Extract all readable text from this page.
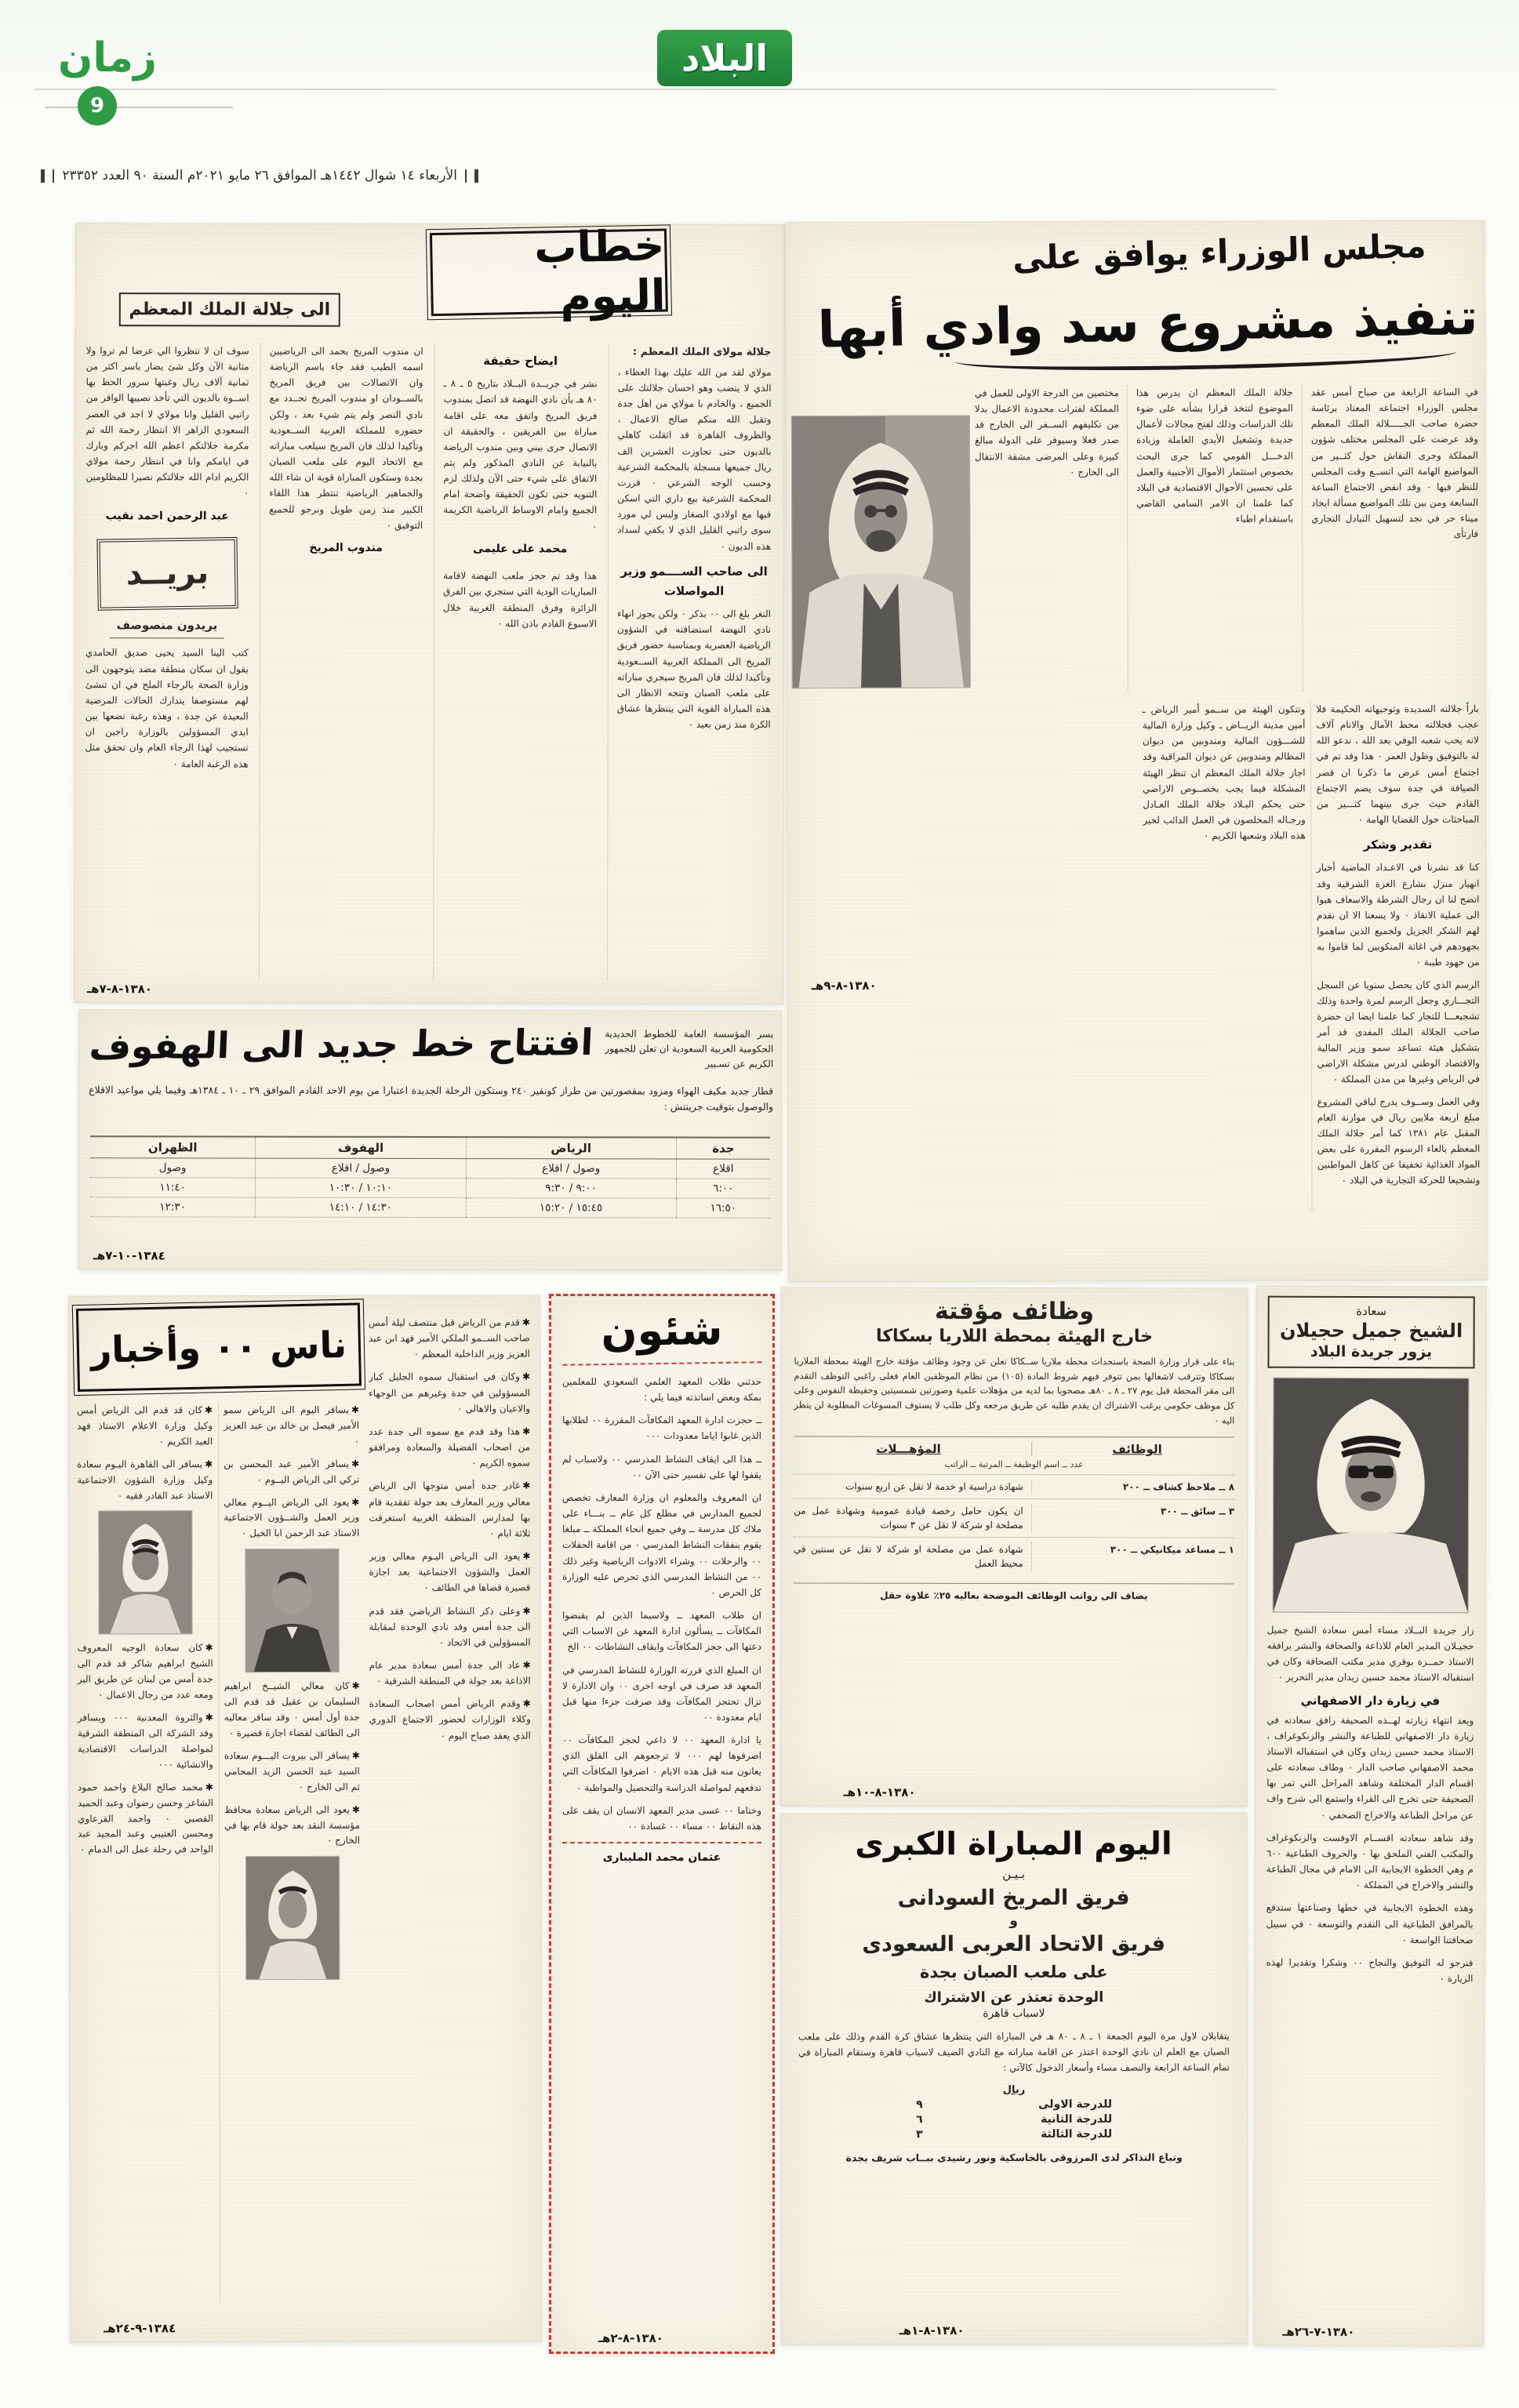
زمان
9
البلاد
الأربعاء ١٤ شوال ١٤٤٢هـ الموافق ٢٦ مايو ٢٠٢١م السنة ٩٠ العدد ٢٣٣٥٢
خطاب اليوم
الى جلالة الملك المعظم
جلالة مولاى الملك المعظم :

مولاي لقد من الله عليك بهذا العطاء ، الذي لا ينضب وهو احسان جلالتك على الجميع ، والخادم با مولاي من اهل جدة وتقبل الله منكم صالح الاعمال ، والظروف القاهرة قد اثقلت كاهلي بالديون حتى تجاوزت العشرين الف ريال جميعها مسجلة بالمحكمة الشرعية وحسب الوجه الشرعي ٠ قررت المحكمة الشرعية بيع داري التي اسكن فيها مع اولادي الصغار وليس لي مورد سوى راتبي القليل الذي لا يكفي لسداد هذه الديون ٠

الى صاحب الســــمو وزير المواصلات

النغر بلغ الى ٠٠ بذكر ٠ ولكن يجوز انهاء نادي النهضة استضافته في الشؤون الرياضية العصرية وبمناسبة حضور فريق المريخ الى المملكة العربية الســعودية وتأكيدا لذلك فان المريخ سيجري مباراته على ملعب الصبان وتتجه الانظار الى هذه المباراة القوية التي ينتظرها عشاق الكرة منذ زمن بعيد ٠

ايضاح حقيقة

نشر في جريــدة البــلاد بتاريخ ٥ ـ ٨ ـ ٨٠ هـ بأن نادي النهضة قد اتصل بمندوب فريق المريخ واتفق معه على اقامة مباراة بين الفريقين ، والحقيقة ان الاتصال جرى بيني وبين مندوب الرياضة بالنيابة عن النادي المذكور ولم يتم الاتفاق على شيء حتى الآن ولذلك لزم التنويه حتى تكون الحقيقة واضحة امام الجميع وامام الاوساط الرياضية الكريمة ٠

محمد على عليمى

هذا وقد تم حجز ملعب النهضة لاقامة المباريات الودية التي ستجري بين الفرق الزائرة وفرق المنطقة الغربية خلال الاسبوع القادم باذن الله ٠

ان مندوب المريخ يحمد الى الرياضيين اسمه الطيب فقد جاء باسم الرياضة وان الاتصالات بين فريق المريخ بالســودان او مندوب المريخ تجــدد مع نادي النصر ولم يتم شيء بعد ، ولكن حضوره للمملكة العربية الســعودية وتأكيدا لذلك فان المريخ سيلعب مباراته مع الاتحاد اليوم على ملعب الصبان بجدة وستكون المباراة قوية ان شاء الله والجماهير الرياضية تنتظر هذا اللقاء الكبير منذ زمن طويل ونرجو للجميع التوفيق ٠

مندوب المريخ

سوف ان لا تنظروا الي عرضا لم تروا ولا مثانية الآن وكل شئ يضار باسر اكثر من ثمانية آلاف ريال وغبتها سرور الحظ بها اســوة بالديون التي تأخذ نصيبها الوافر من راتبي القليل وانا مولاي لا اجد في العصر السعودي الزاهر الا انتظار رحمة الله ثم مكرمة جلالتكم اعظم الله اجركم وبارك في ايامكم وانا في انتظار رحمة مولاي الكريم ادام الله جلالتكم نصيرا للمظلومين ٠

عبد الرحمن احمد نقيب
بريــد
يريدون منصوصف

كتب الينا السيد يحيى صديق الحامدي يقول ان سكان منطقة مضد يتوجهون الى وزارة الصحة بالرجاء الملح في ان تنشئ لهم مستوصفا يتدارك الحالات المرضية البعيدة عن جدة ، وهذه رغبة نضعها بين ايدي المسؤولين بالوزارة راجين ان تستجيب لهذا الرجاء العام وان تحقق مثل هذه الرغبة العامة ٠

١٣٨٠-٨-٧هـ
مجلس الوزراء يوافق على
تنفيذ مشروع سد وادي أبها

في الساعة الرابعة من صباح أمس عقد مجلس الوزراء اجتماعه المعتاد برئاسة حضرة صاحب الجـــــلالة الملك المعظم وقد عرضت على المجلس مختلف شؤون المملكة وجرى النقاش حول كثــير من المواضيع الهامة التي اتســع وقت المجلس للنظر فيها ٠ وقد انفض الاجتماع الساعة السابعة ومن بين تلك المواضيع مسألة ايجاد ميناء حر في نجد لتسهيل التبادل التجاري فارتأى

جلالة الملك المعظم ان يدرس هذا الموضوع لتتخذ قرارا بشأنه على ضوء تلك الدراسات وذلك لفتح مجالات لأعمال جديدة وتشغيل الأيدي العاملة وزيادة الدخـــل القومي كما جرى البحث بخصوص استثمار الأموال الأجنبية والعمل على تحسين الأحوال الاقتصادية في البلاد كما علمنا ان الامر السامي القاضي باستقدام اطباء

مختصين من الدرجة الاولى للعمل في المملكة لفترات محدودة الاعمال بدلا من تكليفهم الســفر الى الخارج قد صدر فعلا وسيوفر على الدولة مبالغ كبيرة وعلى المرضى مشقة الانتقال الى الخارج ٠

باراً جلالته السديدة وتوجيهاته الحكيمة فلا عجب فجلالته محط الآمال والانام آلاف لانه يحب شعبه الوفي بعد الله ، ندعو الله له بالتوفيق وطول العمر ٠ هذا وقد تم في اجتماع أمس عرض ما ذكرنا ان قصر الضيافة في جدة سوف يضم الاجتماع القادم حيث جرى بينهما كثـــير من المباحثات حول القضايا الهامة ٠

تقدير وشكر

كنا قد نشرنا في الاعـداد الماضية أخبار انهيار منزل بشارع الغزة الشرقية وقد اتضح لنا ان رجال الشرطة والاسعاف هبوا الى عملية الانقاذ ٠ ولا يسعنا الا ان نقدم لهم الشكر الجزيل ولجميع الذين ساهموا بجهودهم في اغاثة المنكوبين لما قاموا به من جهود طيبة ٠

الرسم الذي كان يحصل سنويا عن السجل التجـــاري وجعل الرسم لمرة واحدة وذلك تشجيعـــا للتجار كما علمنا ايضا ان حضرة صاحب الجلالة الملك المفدى قد أمر بتشكيل هيئة تساعد سمو وزير المالية والاقتصاد الوطني لدرس مشكلة الاراضي في الرياض وغيرها من مدن المملكة ٠

وفي العمل وســوف يدرج لباقي المشروع مبلغ اربعة ملايين ريال في موازنة العام المقبل عام ١٣٨١ كما أمر جلالة الملك المعظم بالغاء الرسوم المقررة على بعض المواد الغذائية تخفيفا عن كاهل المواطنين وتشجيعا للحركة التجارية في البلاد ٠

وتتكون الهيئة من ســمو أمير الرياض ـ أمين مدينة الريــاض ـ وكيل وزارة المالية للشـــؤون المالية ومندوبين من ديوان المظالم ومندوبين عن ديوان المراقبة وقد اجاز جلالة الملك المعظم ان تنظر الهيئة المشكلة فيما يجب بخصــوص الاراضي حتى يحكم البـلاد جلالة الملك العـادل ورجـاله المخلصون في العمل الدائب لخير هذه البلاد وشعبها الكريم ٠

١٣٨٠-٨-٩هـ
افتتاح خط جديد الى الهفوف يسر المؤسسة العامة للخطوط الحديدية الحكومية العربية السعودية ان تعلن للجمهور الكريم عن تسـيير
قطار جديد مكيف الهواء ومزود بمقصورتين من طراز كونفير ٢٤٠ وستكون الرحلة الجديدة اعتبارا من يوم الاحد القادم الموافق ٢٩ ـ ١٠ ـ ١٣٨٤هـ وفيما يلي مواعيد الاقلاع والوصول بتوقيت جرينتش :
جدة	الرياض	الهفوف	الظهران
اقلاع	وصول / اقلاع	وصول / اقلاع	وصول
٦:٠٠	٩:٠٠ / ٩:٣٠	١٠:١٠ / ١٠:٣٠	١١:٤٠
١٦:٥٠	١٥:٤٥ / ١٥:٢٠	١٤:٣٠ / ١٤:١٠	١٢:٣٠
١٣٨٤-١٠-٧هـ
ناس ٠٠ وأخبار
✱قدم من الرياض قبل منتصف ليلة أمس صاحب الســمو الملكي الأمير فهد ابن عبد العزيز وزير الداخلية المعظم ٠
✱وكان في استقبال سموه الجليل كبار المسؤولين في جدة وغيرهم من الوجهاء والاعيان والاهالي ٠
✱هذا وقد قدم مع سموه الى جدة عدد من اصحاب الفضيلة والسعادة ومرافقو سموه الكريم ٠
✱غادر جدة أمس متوجها الى الرياض معالي وزير المعارف بعد جولة تفقدية قام بها لمدارس المنطقة الغربية استغرقت ثلاثة ايام ٠
✱يعود الى الرياض اليـوم معالي وزير العمل والشؤون الاجتماعية بعد اجازة قصيرة قضاها في الطائف ٠
✱وعلى ذكر النشاط الرياضي فقد قدم الى جدة أمس وفد نادي الوحدة لمقابلة المسؤولين في الاتحاد ٠
✱عاد الى جدة أمس سعادة مدير عام الاذاعة بعد جولة في المنطقة الشرقية ٠
✱وقدم الرياض أمس اصحاب السعادة وكلاء الوزارات لحضور الاجتماع الدوري الذي يعقد صباح اليوم ٠
✱يسافر اليوم الى الرياض سمو الأمير فيصل بن خالد بن عبد العزيز ٠
✱يسافر الأمير عبد المحسن بن تركي الى الرياض اليــوم ٠
✱يعود الى الرياض اليــوم معالي وزير العمل والشــؤون الاجتماعية الاستاذ عبد الرحمن ابا الخيل ٠
✱كان معالي الشيــخ ابراهيم السليمان بن عقيل قد قدم الى جدة أول أمس ٠ وقد سافر معاليه الى الطائف لقضاء اجازة قصيرة ٠
✱يسافر الى بيروت اليـــوم سعادة السيد عبد الحسن الزيد المحامي ثم الى الخارج ٠
✱يعود الى الرياض سعادة محافظ مؤسسة النقد بعد جولة قام بها في الخارج ٠
✱كان قد قدم الى الرياض أمس وكيل وزارة الاعلام الاستاذ فهد العبد الكريم ٠
✱يسافر الى القاهرة اليـوم سعادة وكيل وزارة الشؤون الاجتماعية الاستاذ عبد القادر فقيه ٠
✱كان سعادة الوجيه المعروف الشيخ ابراهيم شاكر قد قدم الى جدة أمس من لبنان عن طريق البر ومعه عدد من رجال الاعمال ٠
✱والثروة المعدنية ٠٠٠ ويسافر وفد الشركة الى المنطقة الشرقية لمواصلة الدراسات الاقتصادية والانشائية ٠٠٠
✱محمد صالح البلاغ واحمد حمود الشاعر وحسن رضوان وعبد الحميد القصبي ٠ واحمد القرعاوي ومحسن العتيبي وعبد المجيد عبد الواحد في رحلة عمل الى الدمام ٠
١٣٨٤-٩-٢٤هـ
شئون

حدثني طلاب المعهد العلمي السعودي للمعلمين بمكة وبعض اساتذته فيما يلي :

ــ حجزت ادارة المعهد المكافآت المقررة ٠٠ لطلابها الذين غابوا اياما معدودات ٠٠٠

ــ هذا الى ايقاف النشاط المدرسي ٠٠ ولاسباب لم يقفوا لها على تفسير حتى الآن ٠٠

ان المعروف والمعلوم ان وزارة المعارف تخصص لجميع المدارس في مطلع كل عام ــ بنـــاء على ملاك كل مدرسة ــ وفي جميع انحاء المملكة ــ مبلغا يقوم بنفقات النشاط المدرسي ٠ من اقامة الحفلات ٠٠ والرحلات ٠٠ وشراء الادوات الرياضية وغير ذلك ٠٠ من النشاط المدرسي الذي تحرص عليه الوزارة كل الحرص ٠

ان طلاب المعهد ــ ولاسيما الذين لم يقبضوا المكافآت ــ يسألون ادارة المعهد عن الاسباب التي دعتها الى حجز المكافآت وايقاف النشاطات ٠٠ الخ

ان المبلغ الذي قررته الوزارة للنشاط المدرسي في المعهد قد صرف في اوجه اخرى ٠٠ وان الادارة لا تزال تحتجز المكافآت وقد صرفت جزءا منها قبل ايام معدودة ٠٠

يا ادارة المعهد ٠٠ لا داعي لحجز المكافآت ٠٠ اصرفوها لهم ٠٠٠ لا ترجعوهم الى القلق الذي يعانون منه قبل هذه الايام ٠ اصرفوا المكافآت التي تدفعهم لمواصلة الدراسة والتحصيل والمواظبة ٠

وختاما ٠٠ عسى مدير المعهد الانسان ان يقف على هذه النقاط ٠٠ مساء ٠٠ غسادة ٠٠

عثمان محمد المليبارى
١٣٨٠-٨-٢هـ
وظائف مؤقتة
خارج الهيئة بمحطة اللاريا بسكاكا
بناء على قرار وزارة الصحة باستحداث محطة ملاريا ســكاكا تعلن عن وجود وظائف مؤقتة خارج الهيئة بمحطة الملاريا بسكاكا وتترقب لاشغالها بمن تتوفر فيهم شروط المادة (١٠٥) من نظام الموظفين العام فعلى راغبي التوظف التقدم الى مقر المحطة قبل يوم ٢٧ ـ ٨ ـ ٨٠هـ مصحوبا بما لديه من مؤهلات علمية وصورتين شمسيتين وحفيظة النفوس وعلى كل موظف حكومي يرغب الاشتراك ان يقدم طلبه عن طريق مرجعه وكل طلب لا يستوف المسوغات المطلوبة لن ينظر اليه ٠
الوظائف
المؤهـــلات
عدد ــ اسم الوظيفة ــ المرتبة ــ الراتب
٨ ــ ملاحظ كشاف ــ ٢٠٠
شهادة دراسية او خدمة لا تقل عن اربع سنوات
٣ ــ سائق ــ ٣٠٠
ان يكون حامل رخصة قيادة عمومية وشهادة عمل من مصلحة او شركة لا تقل عن ٣ سنوات
١ ــ مساعد ميكانيكي ــ ٣٠٠
شهادة عمل من مصلحة او شركة لا تقل عن سنتين في محيط العمل
يضاف الى رواتب الوظائف الموضحة بعاليه ٢٥٪ علاوة حقل
١٣٨٠-٨-١٠هـ
اليوم المباراة الكبرى
بـيـن
فريق المريخ السودانى
و
فريق الاتحاد العربى السعودى
على ملعب الصبان بجدة
الوحدة تعتذر عن الاشتراك
لاسباب قاهرة
يتقابلان لاول مرة اليوم الجمعة ١ ـ ٨ ـ ٨٠ هـ في المباراة التي ينتظرها عشاق كرة القدم وذلك على ملعب الصبان مع العلم ان نادي الوحدة اعتذر عن اقامة مباراته مع النادي الضيف لاسباب قاهرة وستقام المباراة في تمام الساعة الرابعة والنصف مساء وأسعار الدخول كالآتي :
ريال
للدرجة الاولى
٩
للدرجة الثانية
٦
للدرجة الثالثة
٣
وتباع التذاكر لدى المرزوقى بالخاسكية ونور رشيدى ببــاب شريف بجدة
١٣٨٠-٨-١هـ
سعادة
الشيخ جميل حجيلان
يزور جريدة البلاد

زار جريدة البــلاد مساء أمس سعادة الشيخ جميل حجيـلان المدير العام للاذاعة والصحافة والنشر يرافقه الاستاذ حمــزة بوقري مدير مكتب الصحافة وكان في استقباله الاستاذ محمد حسين زيدان مدير التحرير ٠

في زيارة دار الاصفهاني

وبعد انتهاء زيارته لهــذه الصحيفة رافق سعادته في زيارة دار الاصفهاني للطباعة والنشر والزنكوغراف ، الاستاذ محمد حسين زيدان وكان في استقباله الاستاذ محمد الاصفهاني صاحب الدار ٠ وطاف سعادته على اقسام الدار المختلفة وشاهد المراحل التي تمر بها الصحيفة حتى تخرج الى القراء واستمع الى شرح واف عن مراحل الطباعة والاخراج الصحفي ٠

وقد شاهد سعادته اقســام الاوفست والزنكوغراف والمكتب الفني الملحق بها ٠ والحروف الطباعية ٦٠٠ م وهي الخطوة الايجابية الى الامام في مجال الطباعة والنشر والاخراج في المملكة ٠

وهذه الخطوة الايجابية في خطها وصناعتها ستدفع بالمرافق الطباعية الى التقدم والتوسعة ٠ في سبيل صحافتنا الواسعة ٠

فنرجو له التوفيق والنجاح ٠٠ وشكرا وتقديرا لهذه الزيارة ٠

١٣٨٠-٧-٢٦هـ
